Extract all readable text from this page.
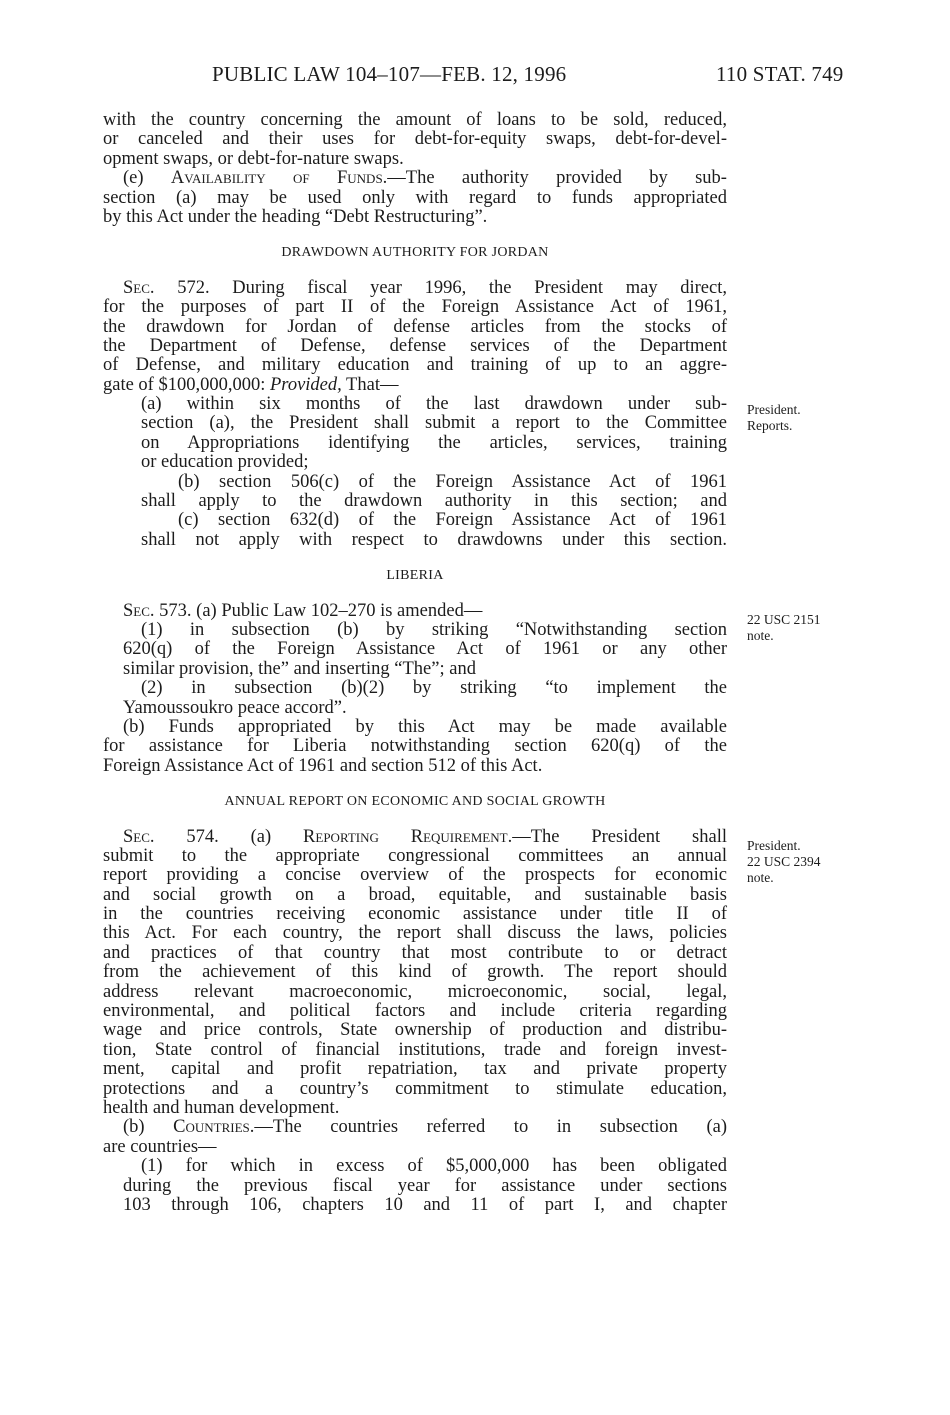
PUBLIC LAW 104–107—FEB. 12, 1996	110 STAT. 749
with the country concerning the amount of loans to be sold, reduced,
or canceled and their uses for debt-for-equity swaps, debt-for-devel-
opment swaps, or debt-for-nature swaps.
(e) Availability of Funds.—The authority provided by sub-
section (a) may be used only with regard to funds appropriated
by this Act under the heading “Debt Restructuring”.
DRAWDOWN AUTHORITY FOR JORDAN
Sec. 572. During fiscal year 1996, the President may direct,
for the purposes of part II of the Foreign Assistance Act of 1961,
the drawdown for Jordan of defense articles from the stocks of
the Department of Defense, defense services of the Department
of Defense, and military education and training of up to an aggre-
gate of $100,000,000: Provided, That—
(a) within six months of the last drawdown under sub-
section (a), the President shall submit a report to the Committee
on Appropriations identifying the articles, services, training
or education provided;
(b) section 506(c) of the Foreign Assistance Act of 1961
shall apply to the drawdown authority in this section; and
(c) section 632(d) of the Foreign Assistance Act of 1961
shall not apply with respect to drawdowns under this section.
LIBERIA
Sec. 573. (a) Public Law 102–270 is amended—
(1) in subsection (b) by striking “Notwithstanding section
620(q) of the Foreign Assistance Act of 1961 or any other
similar provision, the” and inserting “The”; and
(2) in subsection (b)(2) by striking “to implement the
Yamoussoukro peace accord”.
(b) Funds appropriated by this Act may be made available
for assistance for Liberia notwithstanding section 620(q) of the
Foreign Assistance Act of 1961 and section 512 of this Act.
ANNUAL REPORT ON ECONOMIC AND SOCIAL GROWTH
Sec. 574. (a) Reporting Requirement.—The President shall
submit to the appropriate congressional committees an annual
report providing a concise overview of the prospects for economic
and social growth on a broad, equitable, and sustainable basis
in the countries receiving economic assistance under title II of
this Act. For each country, the report shall discuss the laws, policies
and practices of that country that most contribute to or detract
from the achievement of this kind of growth. The report should
address relevant macroeconomic, microeconomic, social, legal,
environmental, and political factors and include criteria regarding
wage and price controls, State ownership of production and distribu-
tion, State control of financial institutions, trade and foreign invest-
ment, capital and profit repatriation, tax and private property
protections and a country’s commitment to stimulate education,
health and human development.
(b) Countries.—The countries referred to in subsection (a)
are countries—
(1) for which in excess of $5,000,000 has been obligated
during the previous fiscal year for assistance under sections
103 through 106, chapters 10 and 11 of part I, and chapter
President.
Reports.
22 USC 2151
note.
President.
22 USC 2394
note.
